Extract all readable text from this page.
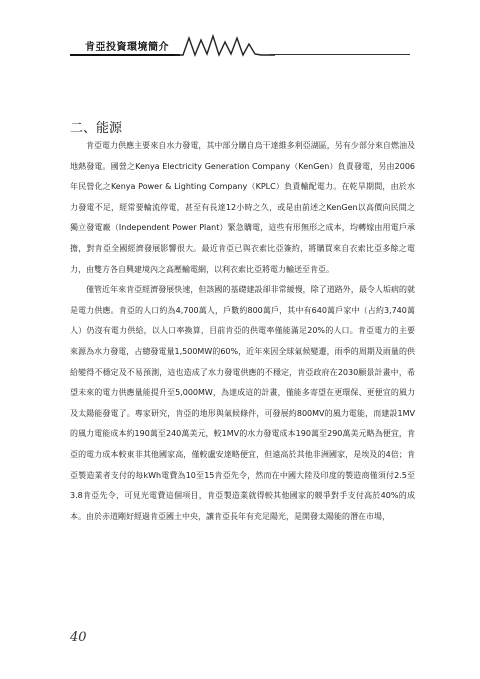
肯亞投資環境簡介
二、能源

肯亞電力供應主要來自水力發電，其中部分購自烏干達維多利亞湖區，另有少部分來自燃油及地熱發電。國營之Kenya Electricity Generation Company（KenGen）負責發電，另由2006年民營化之Kenya Power & Lighting Company（KPLC）負責輸配電力。在乾旱期間，由於水力發電不足，經常要輪流停電，甚至有長達12小時之久，或是由前述之KenGen以高價向民間之獨立發電廠（Independent Power Plant）緊急購電，這些有形無形之成本，均轉嫁由用電戶承擔，對肯亞全國經濟發展影響很大。最近肯亞已與衣索比亞簽約，將購買來自衣索比亞多餘之電力，由雙方各自興建境內之高壓輸電網，以利衣索比亞將電力輸送至肯亞。

僅管近年來肯亞經濟發展快速，但該國的基礎建設卻非常緩慢，除了道路外，最令人垢病的就是電力供應。肯亞的人口約為4,700萬人，戶數約800萬戶，其中有640萬戶家中（占約3,740萬人）仍沒有電力供給，以人口率換算，目前肯亞的供電率僅能滿足20%的人口。肯亞電力的主要來源為水力發電，占總發電量1,500MW的60%，近年來因全球氣候變遷，雨季的周期及雨量的供給變得不穩定及不易預測，這也造成了水力發電供應的不穩定，肯亞政府在2030願景計畫中，希望未來的電力供應量能提升至5,000MW，為達成這的計畫，僅能多寄望在更環保、更便宜的風力及太陽能發電了。專家研究，肯亞的地形與氣候條件，可發展約800MV的風力電能，而建設1MV的風力電能成本約190萬至240萬美元，較1MV的水力發電成本190萬至290萬美元略為便宜，肯亞的電力成本較東非其他國家高，僅較盧安達略便宜，但遠高於其他非洲國家，是埃及的4倍；肯亞製造業者支付的每kWh電費為10至15肯亞先令，然而在中國大陸及印度的製造商僅須付2.5至3.8肯亞先令，可見光電費這個項目，肯亞製造業就得較其他國家的競爭對手支付高於40%的成本。由於赤道剛好經過肯亞國土中央，讓肯亞長年有充足陽光，是開發太陽能的潛在市場，

40
